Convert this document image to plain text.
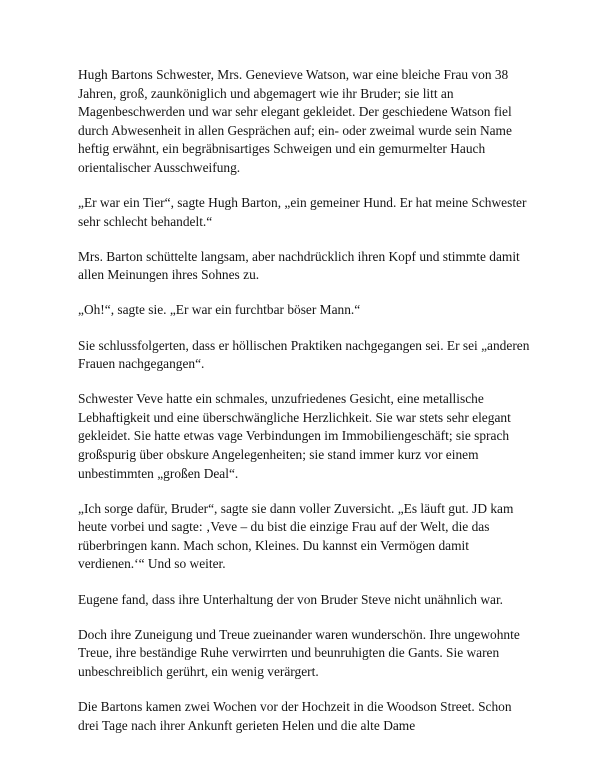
Hugh Bartons Schwester, Mrs. Genevieve Watson, war eine bleiche Frau von 38 Jahren, groß, zaunköniglich und abgemagert wie ihr Bruder; sie litt an Magenbeschwerden und war sehr elegant gekleidet. Der geschiedene Watson fiel durch Abwesenheit in allen Gesprächen auf; ein- oder zweimal wurde sein Name heftig erwähnt, ein begräbnisartiges Schweigen und ein gemurmelter Hauch orientalischer Ausschweifung.

„Er war ein Tier“, sagte Hugh Barton, „ein gemeiner Hund. Er hat meine Schwester sehr schlecht behandelt.“

Mrs. Barton schüttelte langsam, aber nachdrücklich ihren Kopf und stimmte damit allen Meinungen ihres Sohnes zu.

„Oh!“, sagte sie. „Er war ein furchtbar böser Mann.“

Sie schlussfolgerten, dass er höllischen Praktiken nachgegangen sei. Er sei „anderen Frauen nachgegangen“.

Schwester Veve hatte ein schmales, unzufriedenes Gesicht, eine metallische Lebhaftigkeit und eine überschwängliche Herzlichkeit. Sie war stets sehr elegant gekleidet. Sie hatte etwas vage Verbindungen im Immobiliengeschäft; sie sprach großspurig über obskure Angelegenheiten; sie stand immer kurz vor einem unbestimmten „großen Deal“.

„Ich sorge dafür, Bruder“, sagte sie dann voller Zuversicht. „Es läuft gut. JD kam heute vorbei und sagte: ‚Veve – du bist die einzige Frau auf der Welt, die das rüberbringen kann. Mach schon, Kleines. Du kannst ein Vermögen damit verdienen.‘“ Und so weiter.

Eugene fand, dass ihre Unterhaltung der von Bruder Steve nicht unähnlich war.

Doch ihre Zuneigung und Treue zueinander waren wunderschön. Ihre ungewohnte Treue, ihre beständige Ruhe verwirrten und beunruhigten die Gants. Sie waren unbeschreiblich gerührt, ein wenig verärgert.

Die Bartons kamen zwei Wochen vor der Hochzeit in die Woodson Street. Schon drei Tage nach ihrer Ankunft gerieten Helen und die alte Dame
